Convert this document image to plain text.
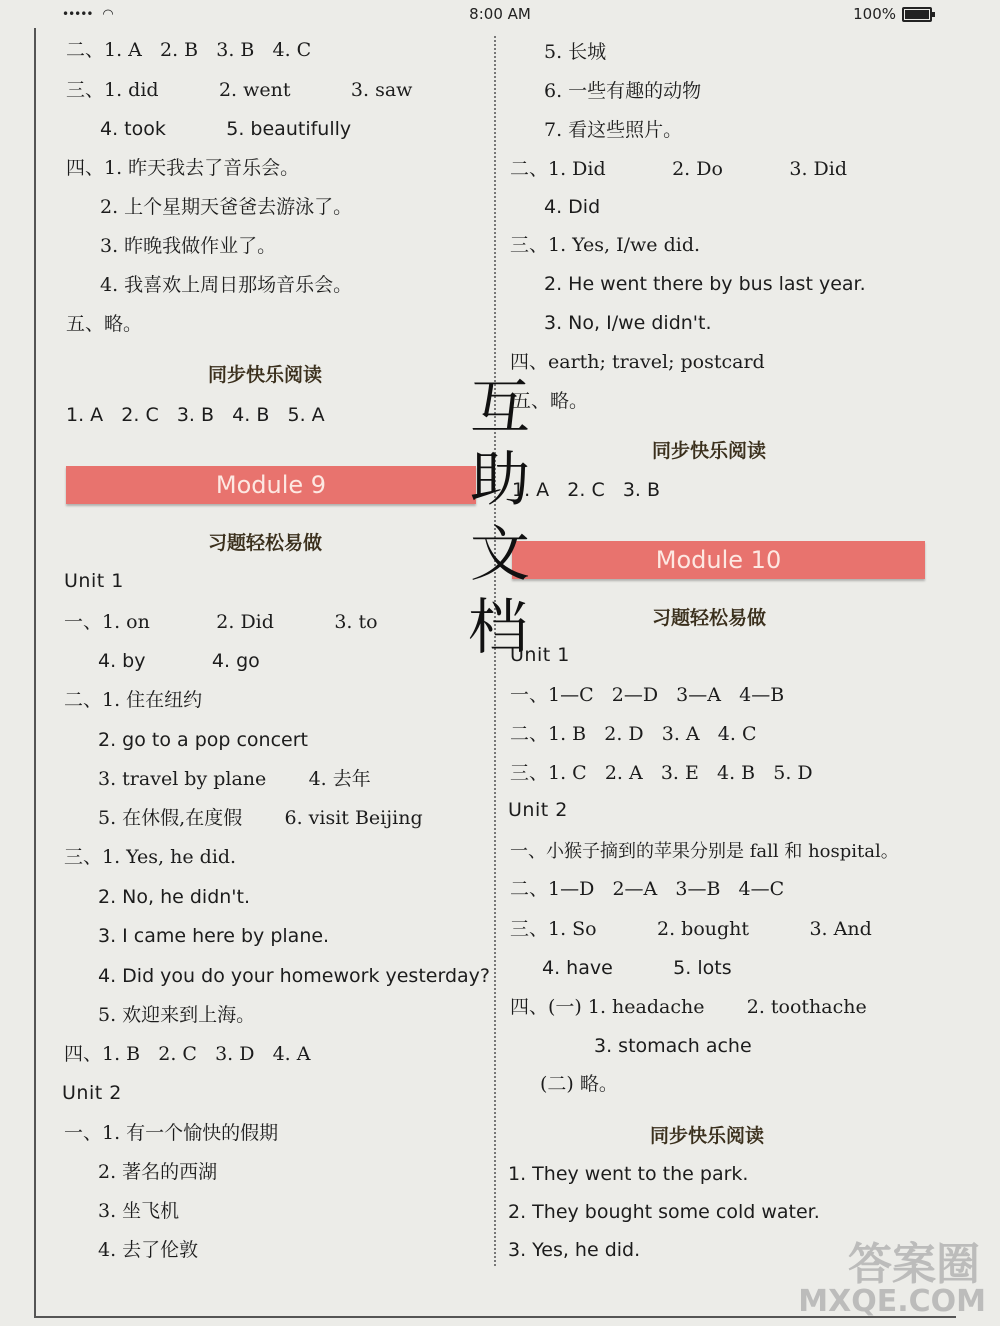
••••• ◠	8:00 AM	100%
二、1. A   2. B   3. B   4. C
三、1. did          2. went          3. saw
4. took          5. beautifully
四、1. 昨天我去了音乐会。
2. 上个星期天爸爸去游泳了。
3. 昨晚我做作业了。
4. 我喜欢上周日那场音乐会。
五、略。
同步快乐阅读
1. A   2. C   3. B   4. B   5. A
Module 9
习题轻松易做
Unit 1
一、1. on           2. Did          3. to
4. by           4. go
二、1. 住在纽约
2. go to a pop concert
3. travel by plane       4. 去年
5. 在休假,在度假       6. visit Beijing
三、1. Yes, he did.
2. No, he didn't.
3. I came here by plane.
4. Did you do your homework yesterday?
5. 欢迎来到上海。
四、1. B   2. C   3. D   4. A
Unit 2
一、1. 有一个愉快的假期
2. 著名的西湖
3. 坐飞机
4. 去了伦敦
5. 长城
6. 一些有趣的动物
7. 看这些照片。
二、1. Did           2. Do           3. Did
4. Did
三、1. Yes, I/we did.
2. He went there by bus last year.
3. No, I/we didn't.
四、earth; travel; postcard
五、略。
同步快乐阅读
1. A   2. C   3. B
Module 10
习题轻松易做
Unit 1
一、1—C   2—D   3—A   4—B
二、1. B   2. D   3. A   4. C
三、1. C   2. A   3. E   4. B   5. D
Unit 2
一、小猴子摘到的苹果分别是 fall 和 hospital。
二、1—D   2—A   3—B   4—C
三、1. So          2. bought          3. And
4. have          5. lots
四、(一) 1. headache       2. toothache
3. stomach ache
(二) 略。
同步快乐阅读
1. They went to the park.
2. They bought some cold water.
3. Yes, he did.
互
助
文
档
答案圈
MXQE.COM
